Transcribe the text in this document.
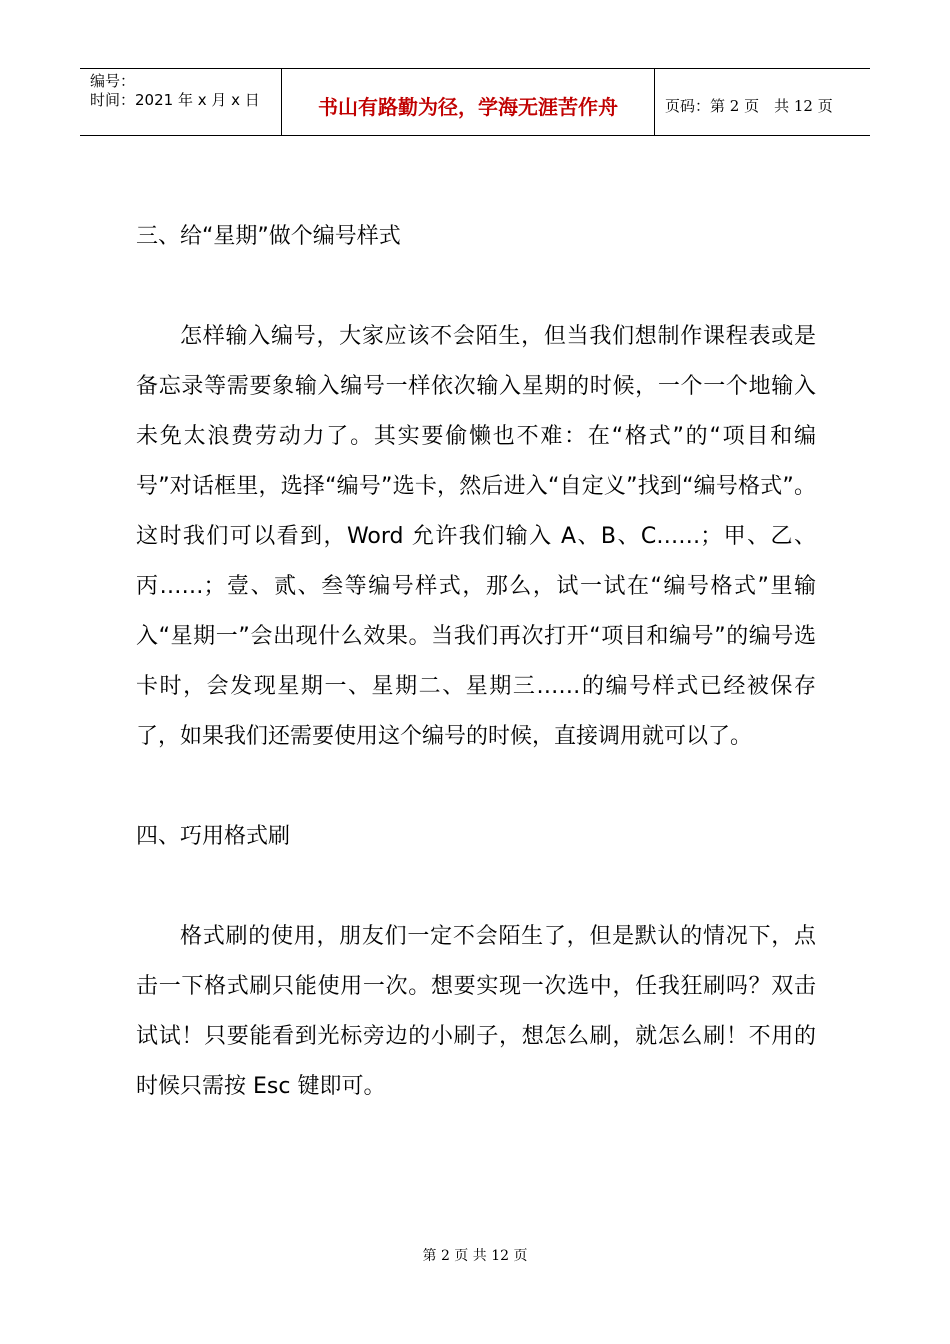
编号：
时间：2021 年 x 月 x 日	书山有路勤为径，学海无涯苦作舟	页码：第 2 页　共 12 页

三、给“星期”做个编号样式

怎样输入编号，大家应该不会陌生，但当我们想制作课程表或是备忘录等需要象输入编号一样依次输入星期的时候，一个一个地输入未免太浪费劳动力了。其实要偷懒也不难：在“格式”的“项目和编号”对话框里，选择“编号”选卡，然后进入“自定义”找到“编号格式”。这时我们可以看到，Word 允许我们输入 A、B、C……；甲、乙、丙……；壹、贰、叁等编号样式，那么，试一试在“编号格式”里输入“星期一”会出现什么效果。当我们再次打开“项目和编号”的编号选卡时，会发现星期一、星期二、星期三……的编号样式已经被保存了，如果我们还需要使用这个编号的时候，直接调用就可以了。

四、巧用格式刷

格式刷的使用，朋友们一定不会陌生了，但是默认的情况下，点击一下格式刷只能使用一次。想要实现一次选中，任我狂刷吗？双击试试！只要能看到光标旁边的小刷子，想怎么刷，就怎么刷！不用的时候只需按 Esc 键即可。

第 2 页 共 12 页
